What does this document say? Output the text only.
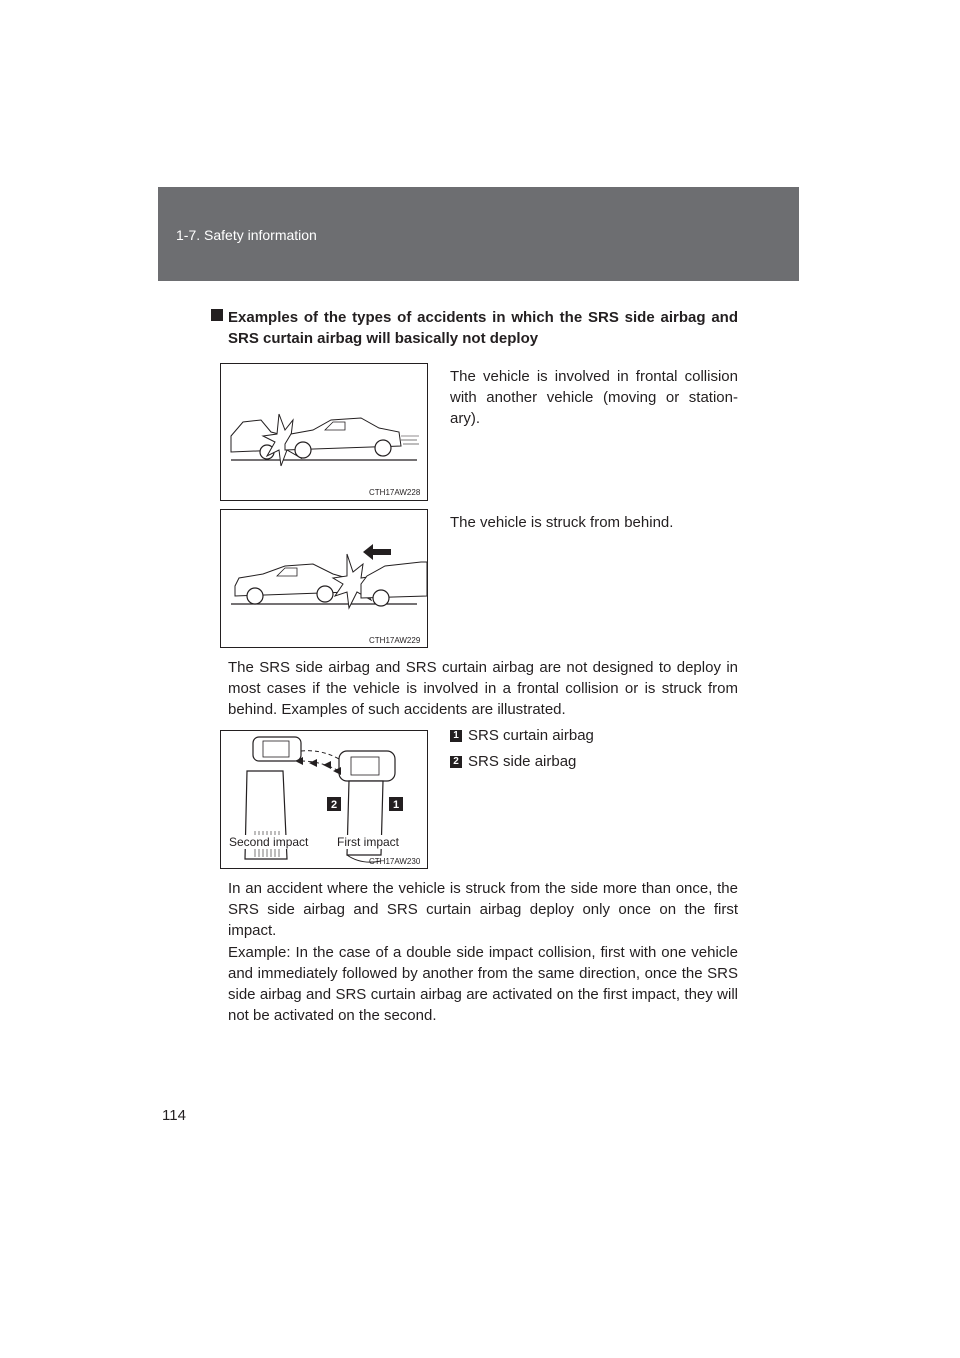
1-7. Safety information
Examples of the types of accidents in which the SRS side airbag and
SRS curtain airbag will basically not deploy
CTH17AW228
The vehicle is involved in frontal collision
with another vehicle (moving or station-
ary).
CTH17AW229
The vehicle is struck from behind.
The SRS side airbag and SRS curtain airbag are not designed to deploy in most cases if the vehicle is involved in a frontal collision or is struck from behind. Examples of such accidents are illustrated.
2	1
Second impact First impact
CTH17AW230
1 SRS curtain airbag
2 SRS side airbag
In an accident where the vehicle is struck from the side more than once, the SRS side airbag and SRS curtain airbag deploy only once on the first impact.
Example: In the case of a double side impact collision, first with one vehicle and immediately followed by another from the same direction, once the SRS side airbag and SRS curtain airbag are activated on the first impact, they will not be activated on the second.
114
